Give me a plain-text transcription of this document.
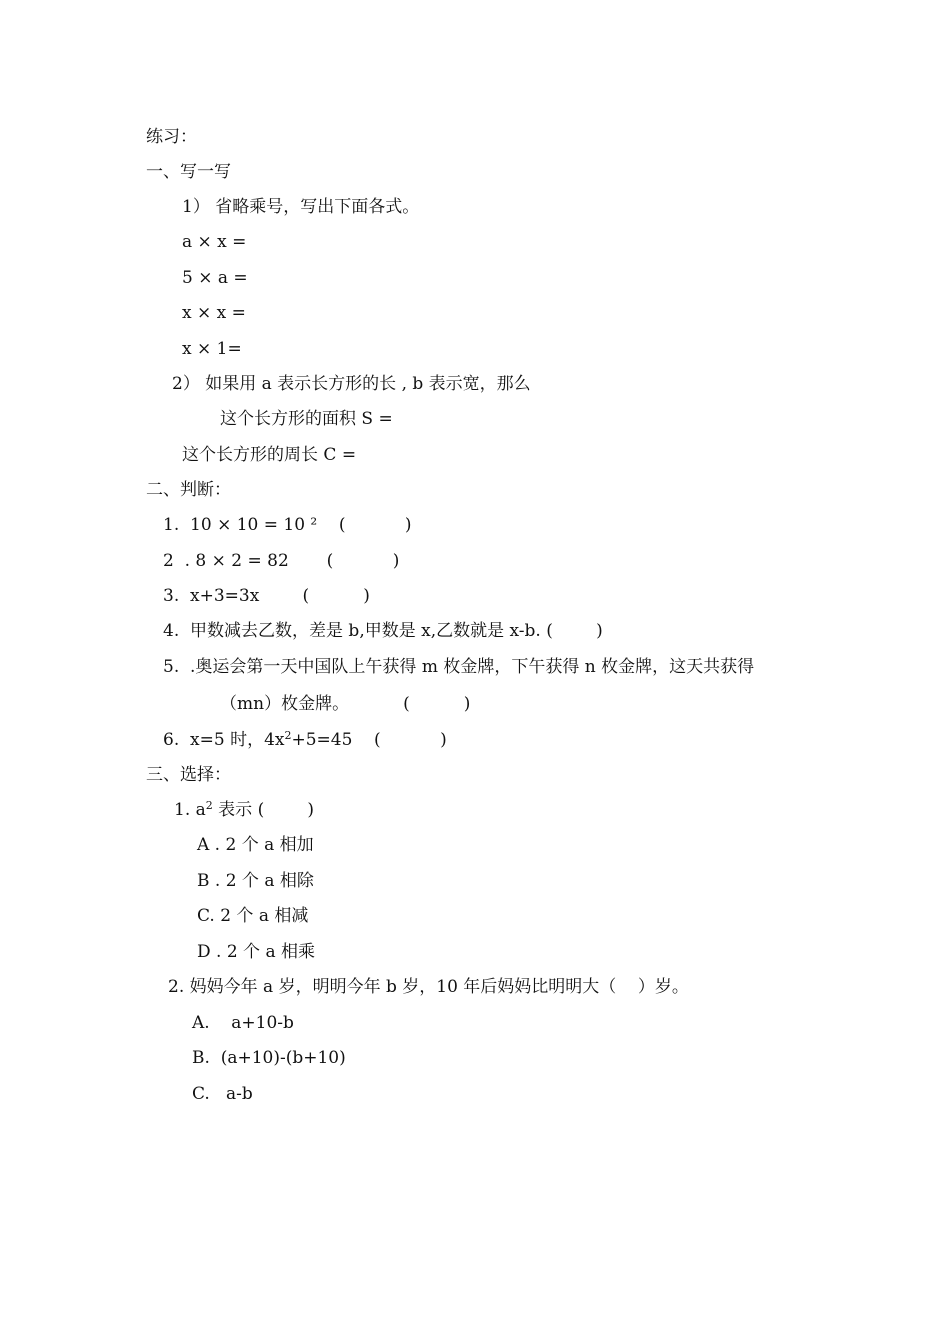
练习：
一、写一写
1） 省略乘号，写出下面各式。
a × x =
5 × a =
x × x =
x × 1=
2） 如果用 a 表示长方形的长 , b 表示宽，那么
这个长方形的面积 S =
这个长方形的周长 C =
二、判断：
1.  10 × 10 = 10 ²    (           )
2  . 8 × 2 = 82       (           )
3.  x+3=3x        (          )
4.  甲数减去乙数，差是 b,甲数是 x,乙数就是 x-b. (        )
5.  .奥运会第一天中国队上午获得 m 枚金牌，下午获得 n 枚金牌，这天共获得
（mn）枚金牌。          (          )
6.  x=5 时，$4x^2+5=45$    (           )
三、选择：
1. $a^2$ 表示 (        )
A . 2 个 a 相加
B . 2 个 a 相除
C. 2 个 a 相减
D . 2 个 a 相乘
2. 妈妈今年 a 岁，明明今年 b 岁，10 年后妈妈比明明大（    ）岁。
A.    a+10-b
B.  (a+10)-(b+10)
C.   a-b
